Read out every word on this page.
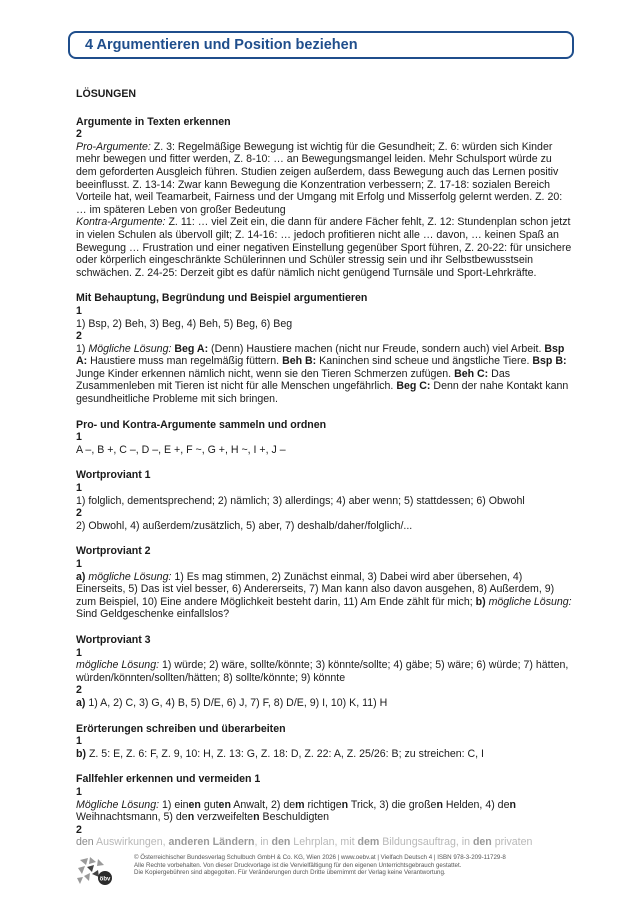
4 Argumentieren und Position beziehen

LÖSUNGEN

Argumente in Texten erkennen

2

Pro-Argumente: Z. 3: Regelmäßige Bewegung ist wichtig für die Gesundheit; Z. 6: würden sich Kinder mehr bewegen und fitter werden, Z. 8-10: … an Bewegungsmangel leiden. Mehr Schulsport würde zu dem geforderten Ausgleich führen. Studien zeigen außerdem, dass Bewegung auch das Lernen positiv beeinflusst. Z. 13-14: Zwar kann Bewegung die Konzentration verbessern; Z. 17-18: sozialen Bereich Vorteile hat, weil Teamarbeit, Fairness und der Umgang mit Erfolg und Misserfolg gelernt werden. Z. 20: … im späteren Leben von großer Bedeutung

Kontra-Argumente: Z. 11: … viel Zeit ein, die dann für andere Fächer fehlt, Z. 12: Stundenplan schon jetzt in vielen Schulen als übervoll gilt; Z. 14-16: … jedoch profitieren nicht alle … davon, … keinen Spaß an Bewegung … Frustration und einer negativen Einstellung gegenüber Sport führen, Z. 20-22: für unsichere oder körperlich eingeschränkte Schülerinnen und Schüler stressig sein und ihr Selbstbewusstsein schwächen. Z. 24-25: Derzeit gibt es dafür nämlich nicht genügend Turnsäle und Sport-Lehrkräfte.

Mit Behauptung, Begründung und Beispiel argumentieren

1

1) Bsp, 2) Beh, 3) Beg, 4) Beh, 5) Beg, 6) Beg

2

1) Mögliche Lösung: Beg A: (Denn) Haustiere machen (nicht nur Freude, sondern auch) viel Arbeit. Bsp A: Haustiere muss man regelmäßig füttern. Beh B: Kaninchen sind scheue und ängstliche Tiere. Bsp B: Junge Kinder erkennen nämlich nicht, wenn sie den Tieren Schmerzen zufügen. Beh C: Das Zusammenleben mit Tieren ist nicht für alle Menschen ungefährlich. Beg C: Denn der nahe Kontakt kann gesundheitliche Probleme mit sich bringen.

Pro- und Kontra-Argumente sammeln und ordnen

1

A –, B +, C –, D –, E +, F ~, G +, H ~, I +, J –

Wortproviant 1

1

1) folglich, dementsprechend; 2) nämlich; 3) allerdings; 4) aber wenn; 5) stattdessen; 6) Obwohl

2

2) Obwohl, 4) außerdem/zusätzlich, 5) aber, 7) deshalb/daher/folglich/...

Wortproviant 2

1

a) mögliche Lösung: 1) Es mag stimmen, 2) Zunächst einmal, 3) Dabei wird aber übersehen, 4) Einerseits, 5) Das ist viel besser, 6) Andererseits, 7) Man kann also davon ausgehen, 8) Außerdem, 9) zum Beispiel, 10) Eine andere Möglichkeit besteht darin, 11) Am Ende zählt für mich; b) mögliche Lösung: Sind Geldgeschenke einfallslos?

Wortproviant 3

1

mögliche Lösung: 1) würde; 2) wäre, sollte/könnte; 3) könnte/sollte; 4) gäbe; 5) wäre; 6) würde; 7) hätten, würden/könnten/sollten/hätten; 8) sollte/könnte; 9) könnte

2

a) 1) A, 2) C, 3) G, 4) B, 5) D/E, 6) J, 7) F, 8) D/E, 9) I, 10) K, 11) H

Erörterungen schreiben und überarbeiten

1

b) Z. 5: E, Z. 6: F, Z. 9, 10: H, Z. 13: G, Z. 18: D, Z. 22: A, Z. 25/26: B; zu streichen: C, I

Fallfehler erkennen und vermeiden 1

1

Mögliche Lösung: 1) einen guten Anwalt, 2) dem richtigen Trick, 3) die großen Helden, 4) den Weihnachtsmann, 5) den verzweifelten Beschuldigten

2

den Auswirkungen, anderen Ländern, in den Lehrplan, mit dem Bildungsauftrag, in den privaten

öbv
© Österreichischer Bundesverlag Schulbuch GmbH & Co. KG, Wien 2026 | www.oebv.at | Vielfach Deutsch 4 | ISBN 978-3-209-11729-8
Alle Rechte vorbehalten. Von dieser Druckvorlage ist die Vervielfältigung für den eigenen Unterrichtsgebrauch gestattet.
Die Kopiergebühren sind abgegolten. Für Veränderungen durch Dritte übernimmt der Verlag keine Verantwortung.
